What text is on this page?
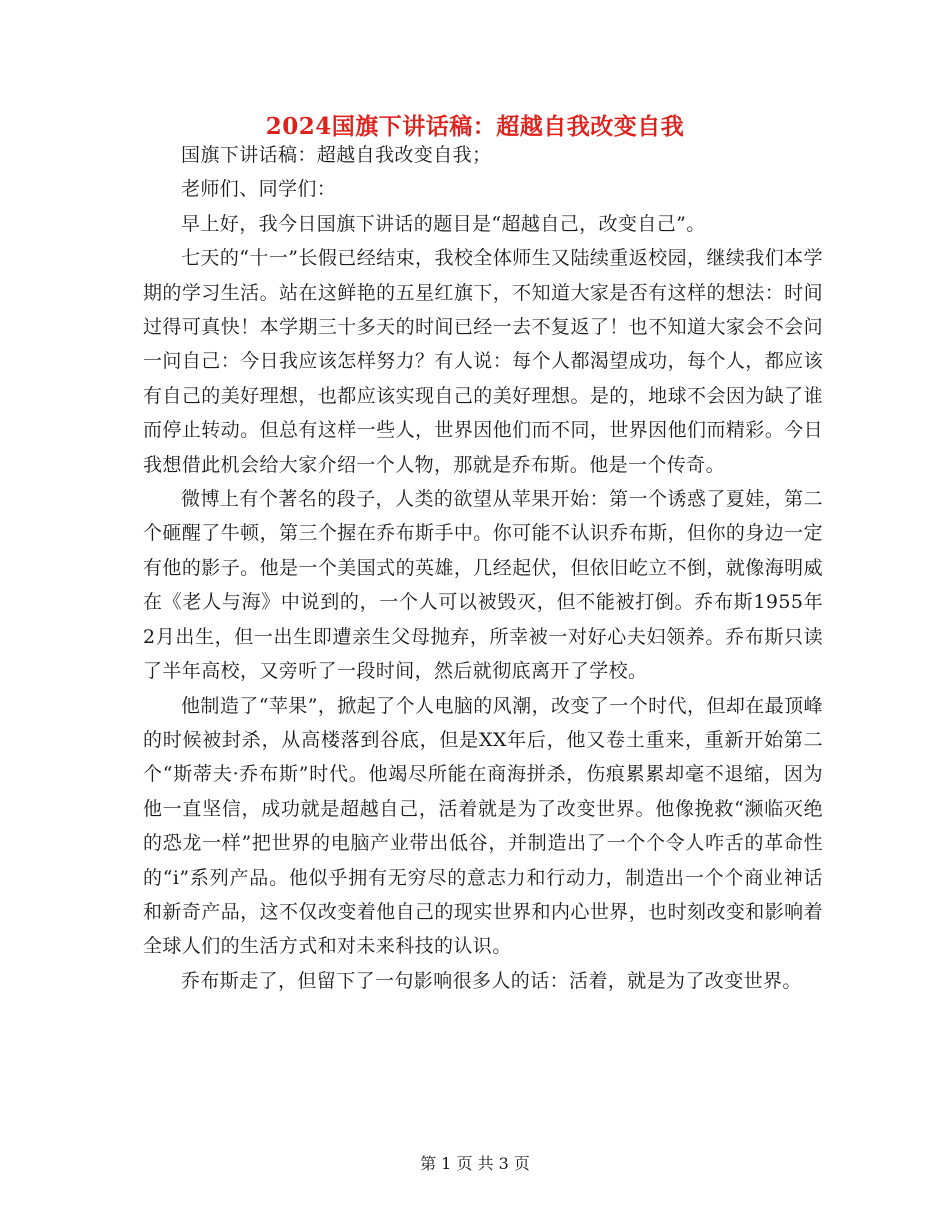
2024国旗下讲话稿：超越自我改变自我

国旗下讲话稿：超越自我改变自我；

老师们、同学们：

早上好，我今日国旗下讲话的题目是“超越自己，改变自己”。

七天的“十一”长假已经结束，我校全体师生又陆续重返校园，继续我们本学期的学习生活。站在这鲜艳的五星红旗下，不知道大家是否有这样的想法：时间过得可真快！本学期三十多天的时间已经一去不复返了！也不知道大家会不会问一问自己：今日我应该怎样努力？有人说：每个人都渴望成功，每个人，都应该有自己的美好理想，也都应该实现自己的美好理想。是的，地球不会因为缺了谁而停止转动。但总有这样一些人，世界因他们而不同，世界因他们而精彩。今日我想借此机会给大家介绍一个人物，那就是乔布斯。他是一个传奇。

微博上有个著名的段子，人类的欲望从苹果开始：第一个诱惑了夏娃，第二个砸醒了牛顿，第三个握在乔布斯手中。你可能不认识乔布斯，但你的身边一定有他的影子。他是一个美国式的英雄，几经起伏，但依旧屹立不倒，就像海明威在《老人与海》中说到的，一个人可以被毁灭，但不能被打倒。乔布斯1955年2月出生，但一出生即遭亲生父母抛弃，所幸被一对好心夫妇领养。乔布斯只读了半年高校，又旁听了一段时间，然后就彻底离开了学校。

他制造了“苹果”，掀起了个人电脑的风潮，改变了一个时代，但却在最顶峰的时候被封杀，从高楼落到谷底，但是XX年后，他又卷土重来，重新开始第二个“斯蒂夫·乔布斯”时代。他竭尽所能在商海拼杀，伤痕累累却毫不退缩，因为他一直坚信，成功就是超越自己，活着就是为了改变世界。他像挽救“濒临灭绝的恐龙一样”把世界的电脑产业带出低谷，并制造出了一个个令人咋舌的革命性的“i”系列产品。他似乎拥有无穷尽的意志力和行动力，制造出一个个商业神话和新奇产品，这不仅改变着他自己的现实世界和内心世界，也时刻改变和影响着全球人们的生活方式和对未来科技的认识。

乔布斯走了，但留下了一句影响很多人的话：活着，就是为了改变世界。

第 1 页 共 3 页
